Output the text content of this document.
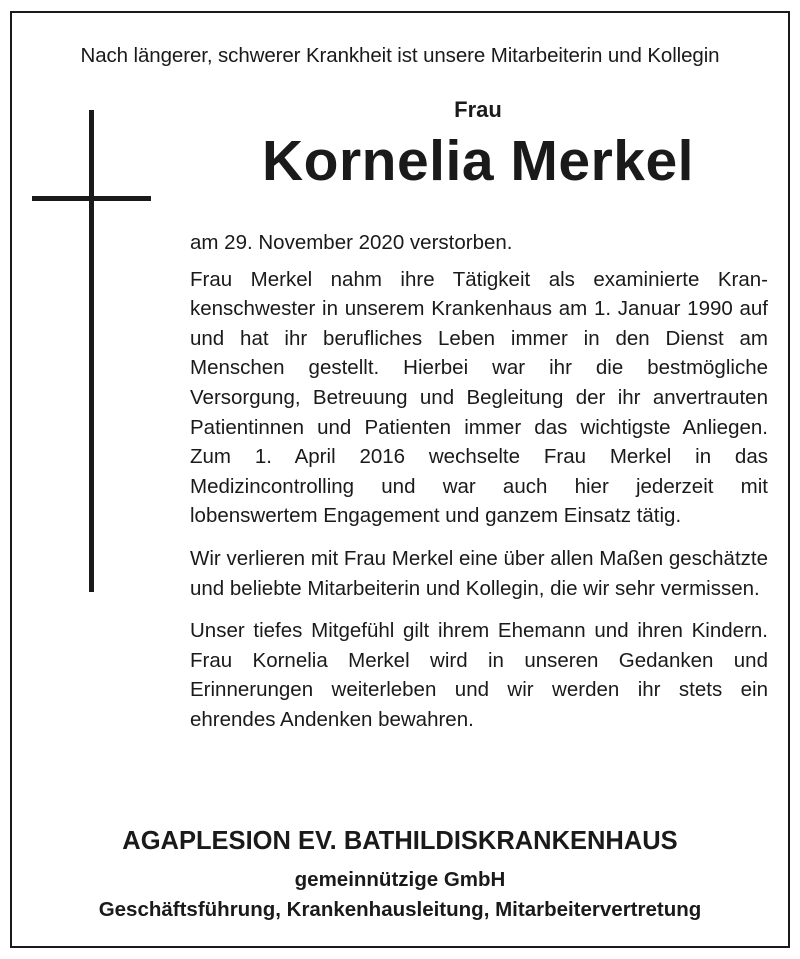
Nach längerer, schwerer Krankheit ist unsere Mitarbeiterin und Kollegin
Frau
Kornelia Merkel

am 29. November 2020 verstorben.

Frau Merkel nahm ihre Tätigkeit als examinierte Krankenschwester in unserem Krankenhaus am 1. Januar 1990 auf und hat ihr berufliches Leben immer in den Dienst am Menschen gestellt. Hierbei war ihr die bestmögliche Versorgung, Betreuung und Begleitung der ihr anvertrauten Patientinnen und Patienten immer das wichtigste Anliegen. Zum 1. April 2016 wechselte Frau Merkel in das Medizincontrolling und war auch hier jederzeit mit lobenswertem Engagement und ganzem Einsatz tätig.

Wir verlieren mit Frau Merkel eine über allen Maßen geschätzte und beliebte Mitarbeiterin und Kollegin, die wir sehr vermissen.

Unser tiefes Mitgefühl gilt ihrem Ehemann und ihren Kindern. Frau Kornelia Merkel wird in unseren Gedanken und Erinnerungen weiterleben und wir werden ihr stets ein ehrendes Andenken bewahren.

AGAPLESION EV. BATHILDISKRANKENHAUS
gemeinnützige GmbH
Geschäftsführung, Krankenhausleitung, Mitarbeitervertretung
